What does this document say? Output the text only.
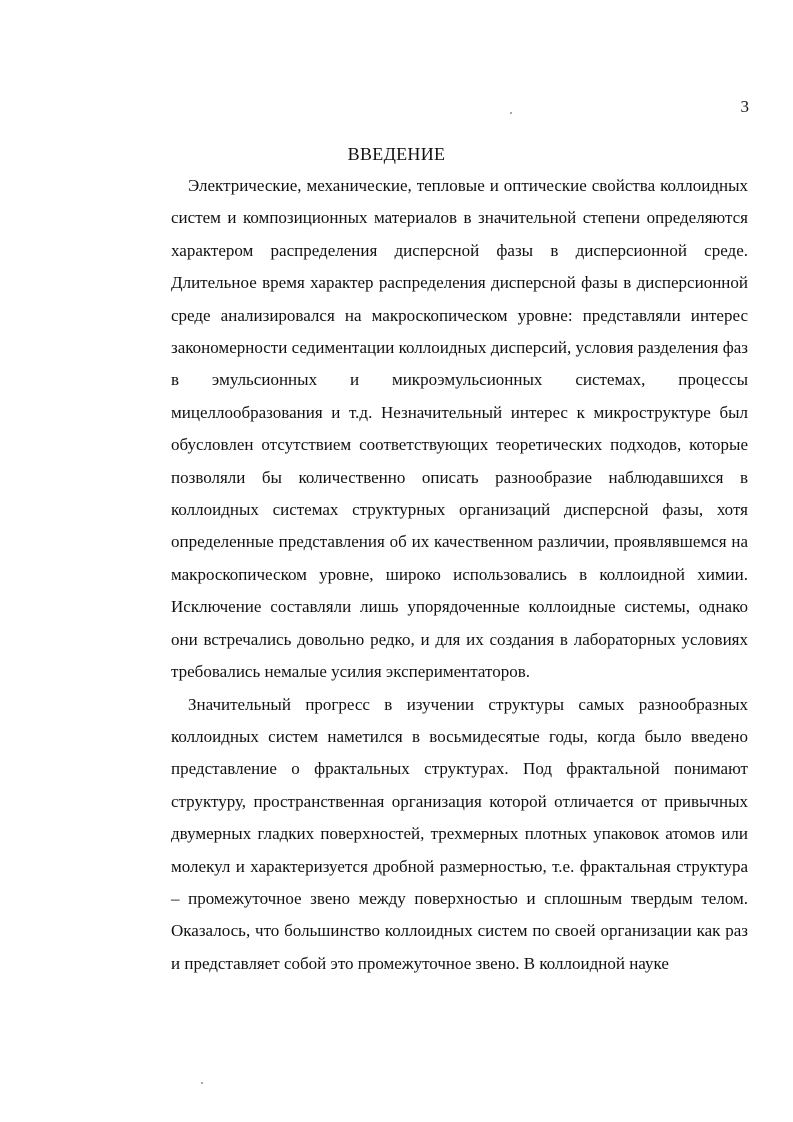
3
ВВЕДЕНИЕ

Электрические, механические, тепловые и оптические свойства коллоидных систем и композиционных материалов в значительной степени определяются характером распределения дисперсной фазы в дисперсионной среде. Длительное время характер распределения дисперсной фазы в дисперсионной среде анализировался на макроскопическом уровне: представляли интерес закономерности седиментации коллоидных дисперсий, условия разделения фаз в эмульсионных и микроэмульсионных системах, процессы мицеллообразования и т.д. Незначительный интерес к микроструктуре был обусловлен отсутствием соответствующих теоретических подходов, которые позволяли бы количественно описать разнообразие наблюдавшихся в коллоидных системах структурных организаций дисперсной фазы, хотя определенные представления об их качественном различии, проявлявшемся на макроскопическом уровне, широко использовались в коллоидной химии. Исключение составляли лишь упорядоченные коллоидные системы, однако они встречались довольно редко, и для их создания в лабораторных условиях требовались немалые усилия экспериментаторов.

Значительный прогресс в изучении структуры самых разнообразных коллоидных систем наметился в восьмидесятые годы, когда было введено представление о фрактальных структурах. Под фрактальной понимают структуру, пространственная организация которой отличается от привычных двумерных гладких поверхностей, трехмерных плотных упаковок атомов или молекул и характеризуется дробной размерностью, т.е. фрактальная структура – промежуточное звено между поверхностью и сплошным твердым телом. Оказалось, что большинство коллоидных систем по своей организации как раз и представляет собой это промежуточное звено. В коллоидной науке
